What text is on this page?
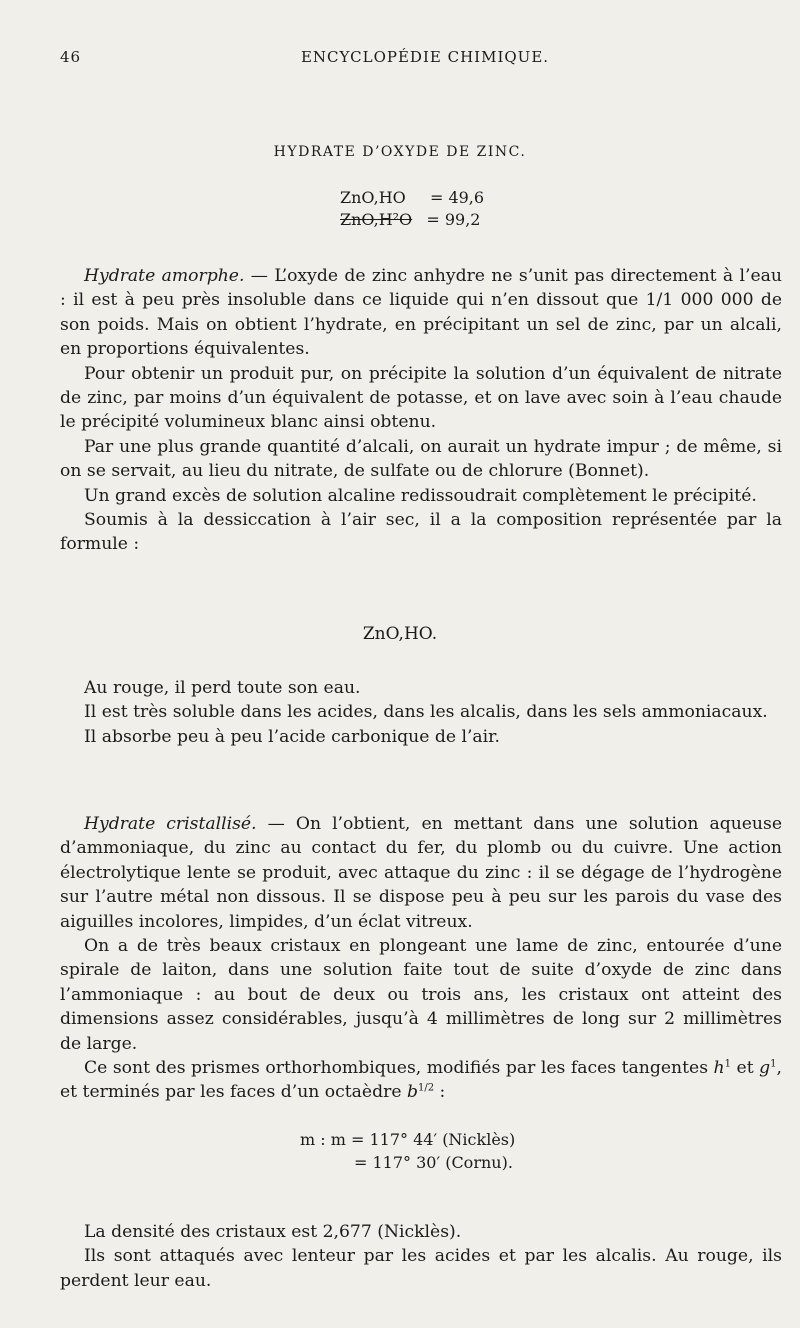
46	ENCYCLOPÉDIE CHIMIQUE.
HYDRATE D’OXYDE DE ZINC.
ZnO,HO = 49,6
ZnO,H²O = 99,2

Hydrate amorphe. — L’oxyde de zinc anhydre ne s’unit pas directement à l’eau : il est à peu près insoluble dans ce liquide qui n’en dissout que 1/1 000 000 de son poids. Mais on obtient l’hydrate, en précipitant un sel de zinc, par un alcali, en proportions équivalentes.

Pour obtenir un produit pur, on précipite la solution d’un équivalent de nitrate de zinc, par moins d’un équivalent de potasse, et on lave avec soin à l’eau chaude le précipité volumineux blanc ainsi obtenu.

Par une plus grande quantité d’alcali, on aurait un hydrate impur ; de même, si on se servait, au lieu du nitrate, de sulfate ou de chlorure (Bonnet).

Un grand excès de solution alcaline redissoudrait complètement le précipité.

Soumis à la dessiccation à l’air sec, il a la composition représentée par la formule :

ZnO,HO.

Au rouge, il perd toute son eau.

Il est très soluble dans les acides, dans les alcalis, dans les sels ammoniacaux.

Il absorbe peu à peu l’acide carbonique de l’air.

Hydrate cristallisé. — On l’obtient, en mettant dans une solution aqueuse d’ammoniaque, du zinc au contact du fer, du plomb ou du cuivre. Une action électrolytique lente se produit, avec attaque du zinc : il se dégage de l’hydrogène sur l’autre métal non dissous. Il se dispose peu à peu sur les parois du vase des aiguilles incolores, limpides, d’un éclat vitreux.

On a de très beaux cristaux en plongeant une lame de zinc, entourée d’une spirale de laiton, dans une solution faite tout de suite d’oxyde de zinc dans l’ammoniaque : au bout de deux ou trois ans, les cristaux ont atteint des dimensions assez considérables, jusqu’à 4 millimètres de long sur 2 millimètres de large.

Ce sont des prismes orthorhombiques, modifiés par les faces tangentes $h^1$ et $g^1$, et terminés par les faces d’un octaèdre $b^{1/2}$ :

m : m = 117° 44′ (Nicklès)
= 117° 30′ (Cornu).

La densité des cristaux est 2,677 (Nicklès).

Ils sont attaqués avec lenteur par les acides et par les alcalis. Au rouge, ils perdent leur eau.
